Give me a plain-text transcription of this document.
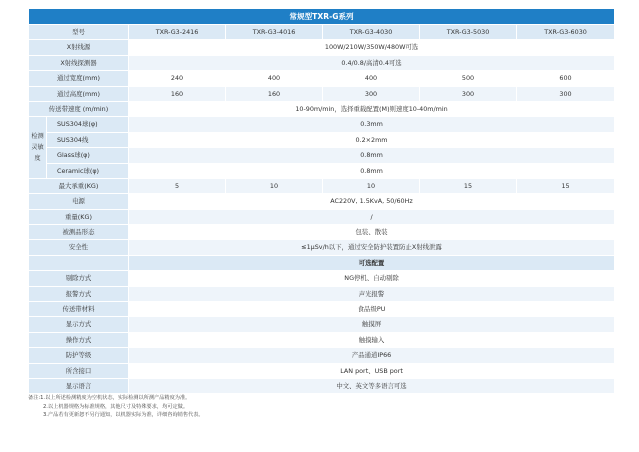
常规型TXR-G系列						
型号		TXR-G3-2416	TXR-G3-4016	TXR-G3-4030	TXR-G3-5030	TXR-G3-6030
X射线源		100W/210W/350W/480W可选				
X射线探测器		0.4/0.8/高清0.4可选				
通过宽度(mm)		240	400	400	500	600
通过高度(mm)		160	160	300	300	300
传送带速度 (m/min)		10-90m/min，选择重载配置(M)则速度10-40m/min				
检测灵敏度	SUS304球(φ)	0.3mm				
	SUS304线	0.2×2mm				
	Glass球(φ)	0.8mm				
	Ceramic球(φ)	0.8mm				
最大承重(KG)		5	10	10	15	15
电源		AC220V, 1.5KvA, 50/60Hz				
重量(KG)		/				
被测品形态		包装、散装				
安全性		≤1μSv/h以下，通过安全防护装置防止X射线泄露				
		可选配置				
剔除方式		NG停机、自动剔除				
报警方式		声光报警				
传送带材料		食品级PU				
显示方式		触摸屏				
操作方式		触摸输入				
防护等级		产品通道IP66				
所含接口		LAN port、USB port				
显示语言		中文、英文等多语言可选				
备注:1.以上所述检测精度为空机状态，实际检测以所测产品精度为准。
2.以上机器规格为标准规格，其他尺寸及特殊要求，均可定做。
3.产品若有更新恕不另行通知，以机器实际为准，详细咨询销售代表。
